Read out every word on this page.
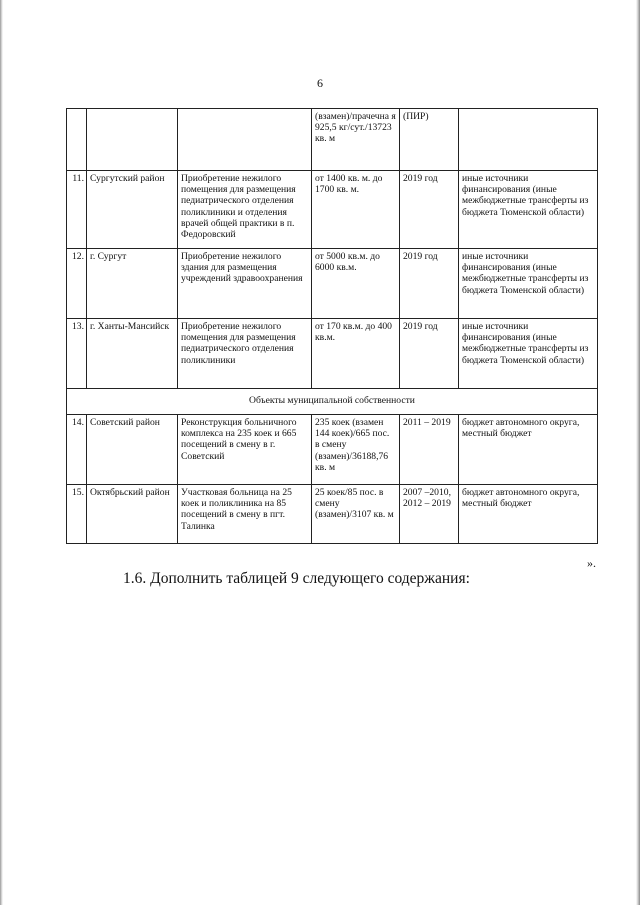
6
			(взамен)/прачечна я 925,5 кг/сут./13723 кв. м	(ПИР)	
11.	Сургутский район	Приобретение нежилого помещения для размещения педиатрического отделения поликлиники и отделения врачей общей практики в п. Федоровский	от 1400 кв. м. до 1700 кв. м.	2019 год	иные источники финансирования (иные межбюджетные трансферты из бюджета Тюменской области)
12.	г. Сургут	Приобретение нежилого здания для размещения учреждений здравоохранения	от 5000 кв.м. до 6000 кв.м.	2019 год	иные источники финансирования (иные межбюджетные трансферты из бюджета Тюменской области)
13.	г. Ханты-Мансийск	Приобретение нежилого помещения для размещения педиатрического отделения поликлиники	от 170 кв.м. до 400 кв.м.	2019 год	иные источники финансирования (иные межбюджетные трансферты из бюджета Тюменской области)
Объекты муниципальной собственности					
14.	Советский район	Реконструкция больничного комплекса на 235 коек и 665 посещений в смену в г. Советский	235 коек (взамен 144 коек)/665 пос. в смену (взамен)/36188,76 кв. м	2011 – 2019	бюджет автономного округа, местный бюджет
15.	Октябрьский район	Участковая больница на 25 коек и поликлиника на 85 посещений в смену в пгт. Талинка	25 коек/85 пос. в смену (взамен)/3107 кв. м	2007 –2010, 2012 – 2019	бюджет автономного округа, местный бюджет
».
1.6. Дополнить таблицей 9 следующего содержания:
